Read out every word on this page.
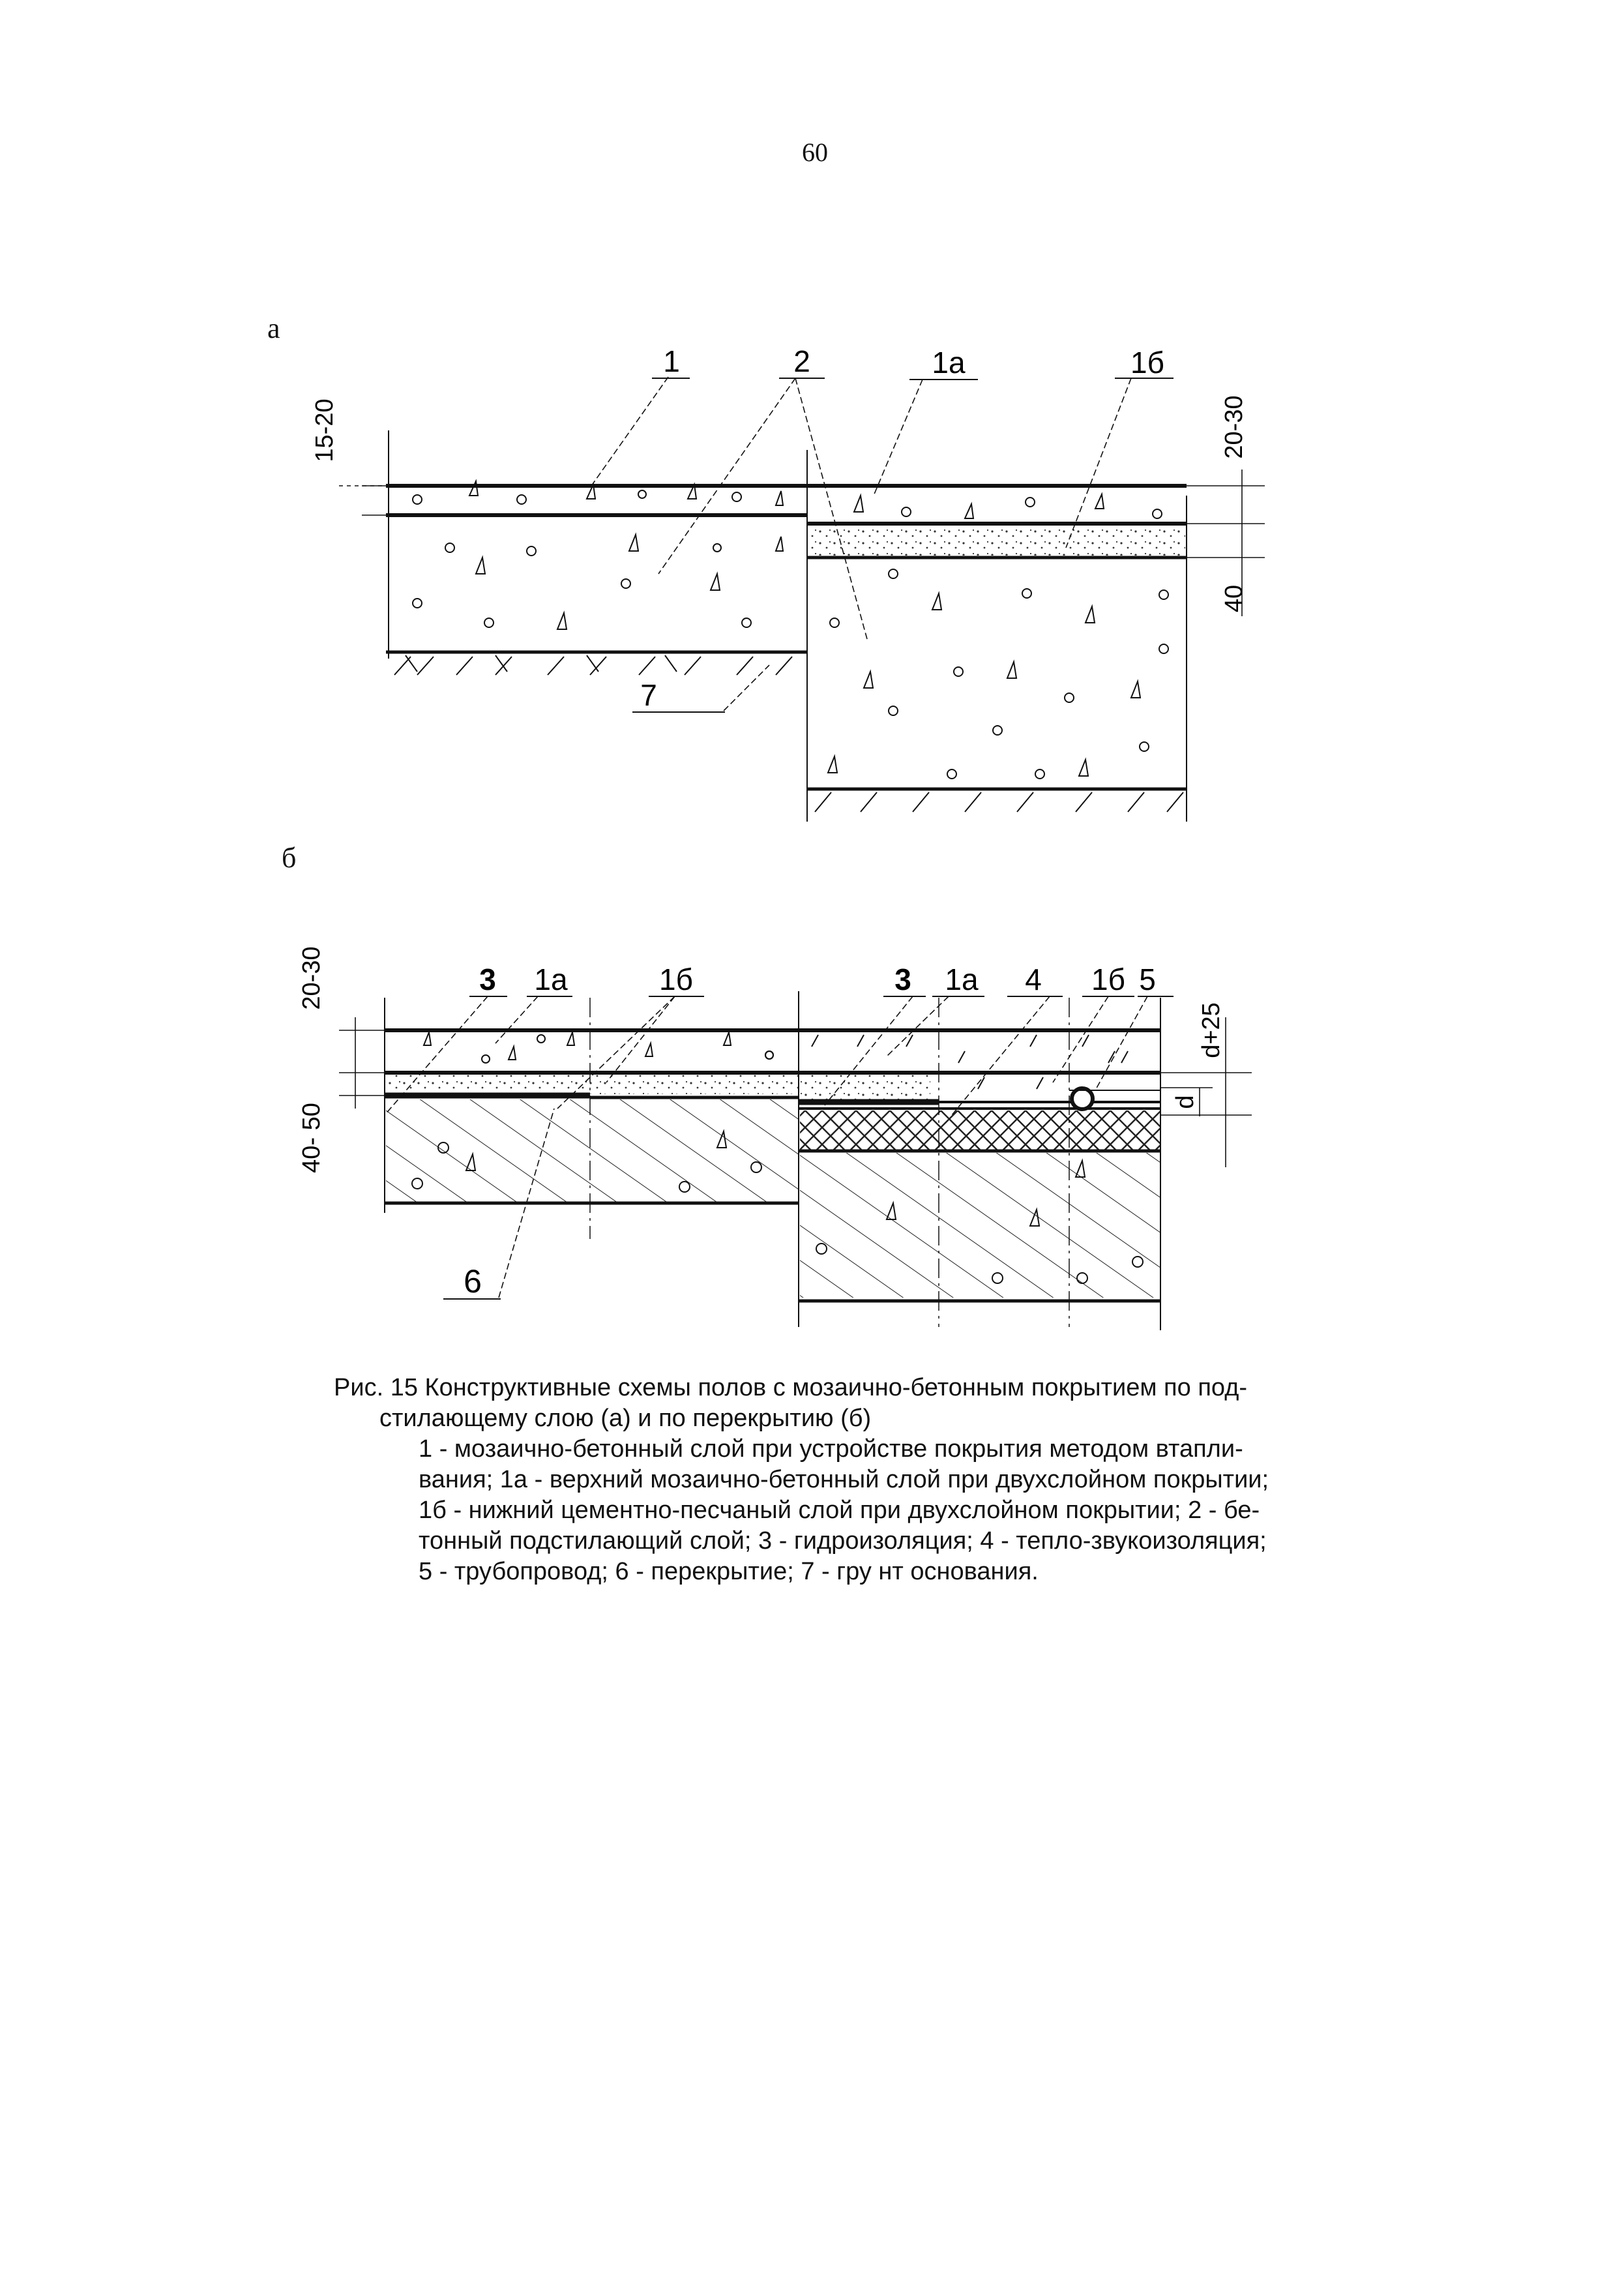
60
а
б
1	2	1а	1б
7
15-20	20-30
40
3 1а	1б	3 1а 4 1б 5
6
20-30
40- 50
d+25
d
Рис. 15 Конструктивные схемы полов с мозаично-бетонным покрытием по под-
стилающему слою (а) и по перекрытию (б)
1 - мозаично-бетонный слой при устройстве покрытия методом втапли-
вания; 1а - верхний мозаично-бетонный слой при двухслойном покрытии;
1б - нижний цементно-песчаный слой при двухслойном покрытии; 2 - бе-
тонный подстилающий слой; 3 - гидроизоляция; 4 - тепло-звукоизоляция;
5 - трубопровод; 6 - перекрытие; 7 - гру нт основания.
